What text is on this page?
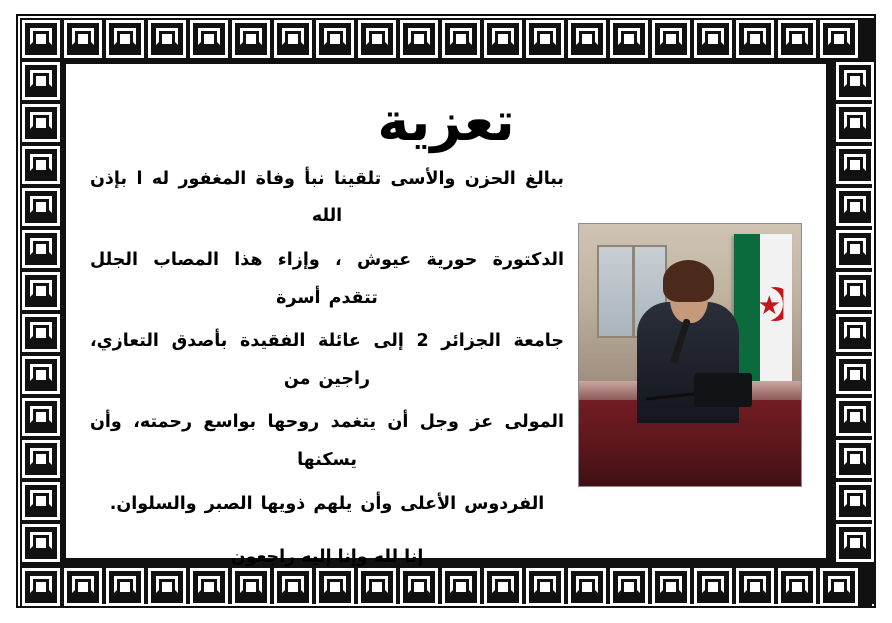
تعزية
★
ببالغ الحزن والأسى تلقينا نبأ وفاة المغفور له ا بإذن الله
الدكتورة حورية عيوش ، وإزاء هذا المصاب الجلل تتقدم أسرة
جامعة الجزائر 2 إلى عائلة الفقيدة بأصدق التعازي، راجين من
المولى عز وجل أن يتغمد روحها بواسع رحمته، وأن يسكنها
الفردوس الأعلى وأن يلهم ذويها الصبر والسلوان.
إنا لله وإنا إليه راجعون
